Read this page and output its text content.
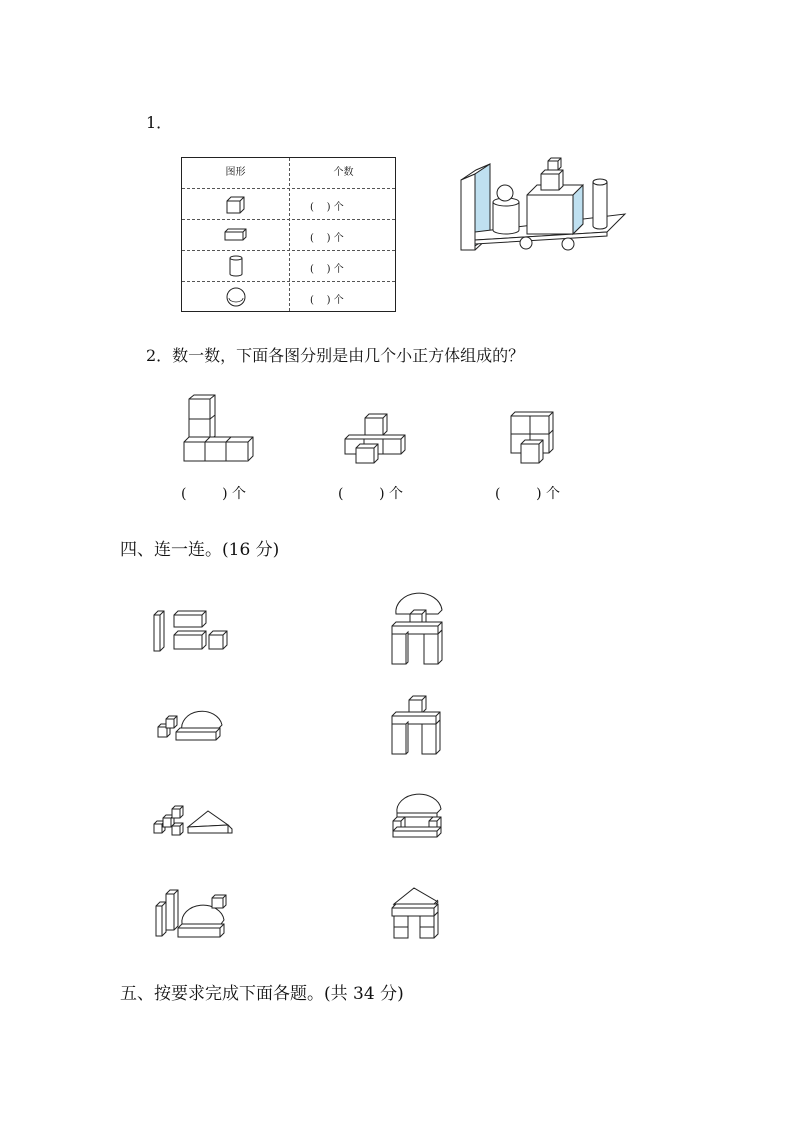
1．
图形	个数
(    ) 个
(    ) 个
(    ) 个
(    ) 个
2．数一数，下面各图分别是由几个小正方体组成的？
(        ) 个	(        ) 个	(        ) 个
四、连一连。(16 分)
五、按要求完成下面各题。(共 34 分)
